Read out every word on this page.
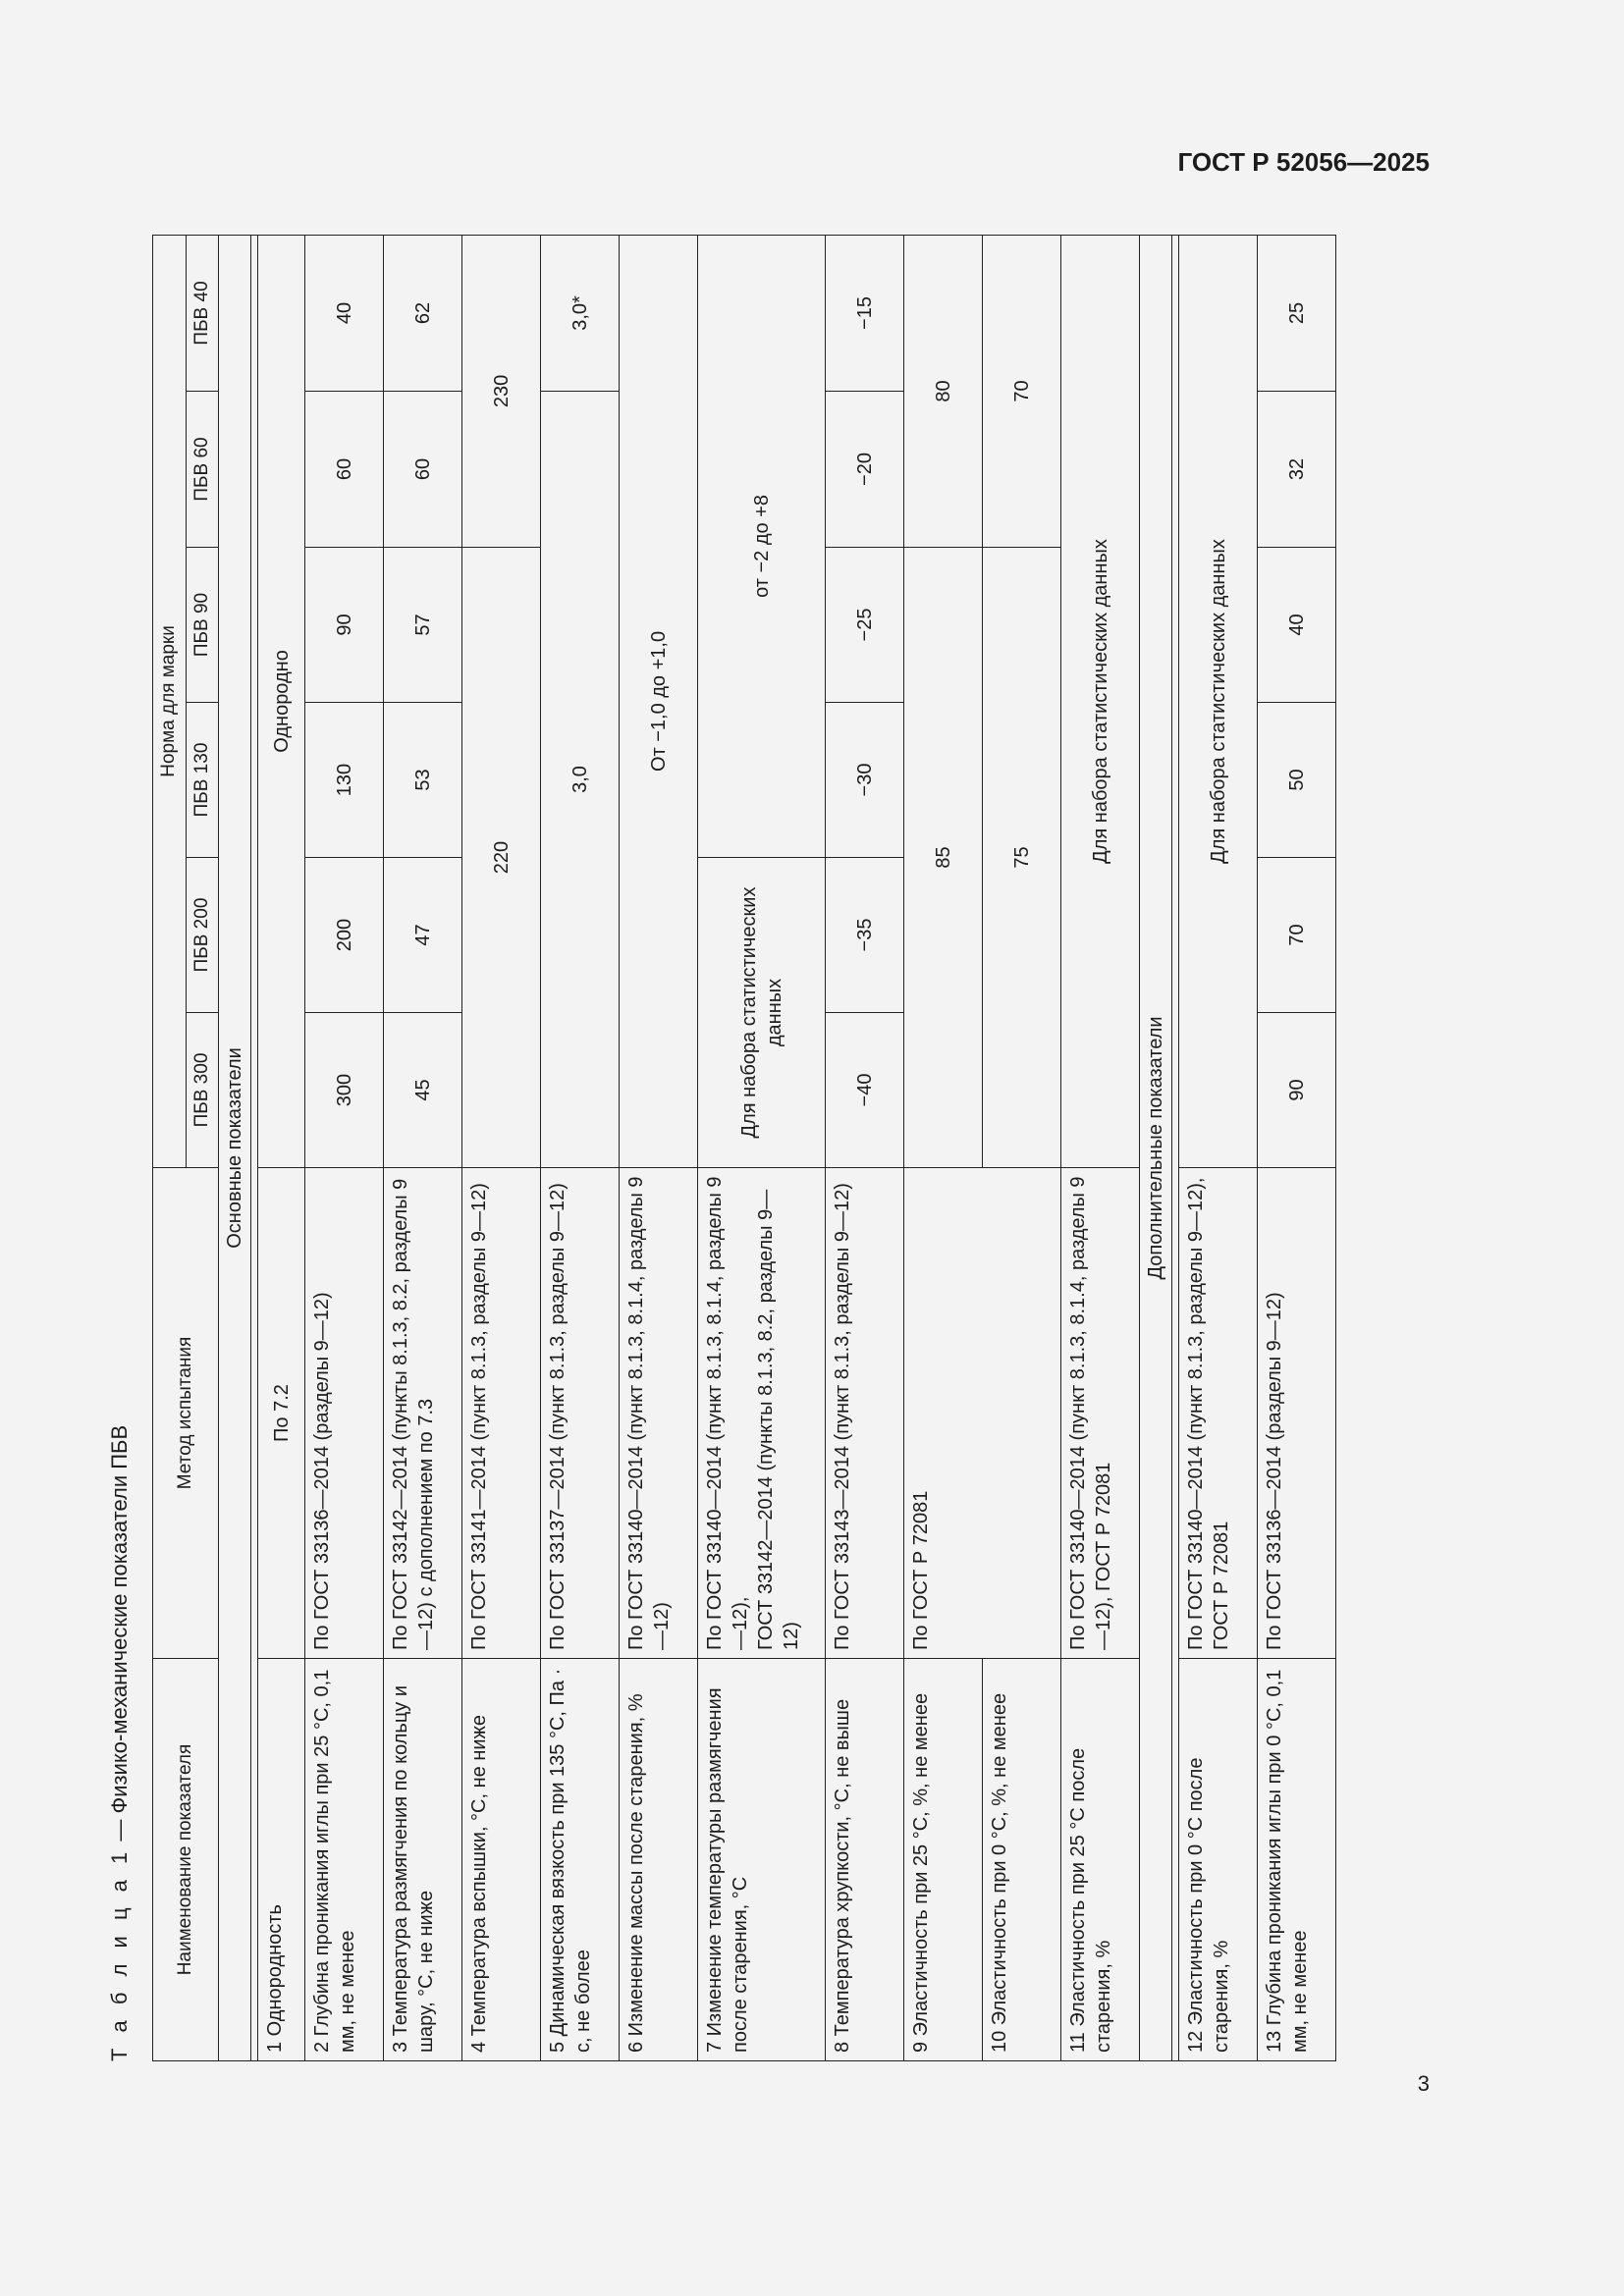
ГОСТ Р 52056—2025
Т а б л и ц а 1 — Физико-механические показатели ПБВ
Наименование показателя	Метод испытания	Норма для марки					
		ПБВ 300	ПБВ 200	ПБВ 130	ПБВ 90	ПБВ 60	ПБВ 40
Основные показатели							

1 Однородность	По 7.2	Однородно					
2 Глубина проникания иглы при 25 °С, 0,1 мм, не менее	По ГОСТ 33136—2014 (разделы 9—12)	300	200	130	90	60	40
3 Температура размягчения по кольцу и шару, °С, не ниже	По ГОСТ 33142—2014 (пункты 8.1.3, 8.2, разделы 9—12) с дополнением по 7.3	45	47	53	57	60	62
4 Температура вспышки, °С, не ниже	По ГОСТ 33141—2014 (пункт 8.1.3, разделы 9—12)	220				230	
5 Динамическая вязкость при 135 °С, Па · с, не более	По ГОСТ 33137—2014 (пункт 8.1.3, разделы 9—12)	3,0					3,0*
6 Изменение массы после старения, %	По ГОСТ 33140—2014 (пункт 8.1.3, 8.1.4, разделы 9—12)	От −1,0 до +1,0					
7 Изменение температуры размягчения после старения, °С	По ГОСТ 33140—2014 (пункт 8.1.3, 8.1.4, разделы 9—12), ГОСТ 33142—2014 (пункты 8.1.3, 8.2, разделы 9—12)	Для набора статистических данных		от −2 до +8			
8 Температура хрупкости, °С, не выше	По ГОСТ 33143—2014 (пункт 8.1.3, разделы 9—12)	−40	−35	−30	−25	−20	−15
9 Эластичность при 25 °С, %, не менее	По ГОСТ Р 72081	85				80	
10 Эластичность при 0 °С, %, не менее		75				70	
11 Эластичность при 25 °С после старения, %	По ГОСТ 33140—2014 (пункт 8.1.3, 8.1.4, разделы 9—12), ГОСТ Р 72081	Для набора статистических данных					
Дополнительные показатели							

12 Эластичность при 0 °С после старения, %	По ГОСТ 33140—2014 (пункт 8.1.3, разделы 9—12), ГОСТ Р 72081	Для набора статистических данных					
13 Глубина проникания иглы при 0 °С, 0,1 мм, не менее	По ГОСТ 33136—2014 (разделы 9—12)	90	70	50	40	32	25
3
